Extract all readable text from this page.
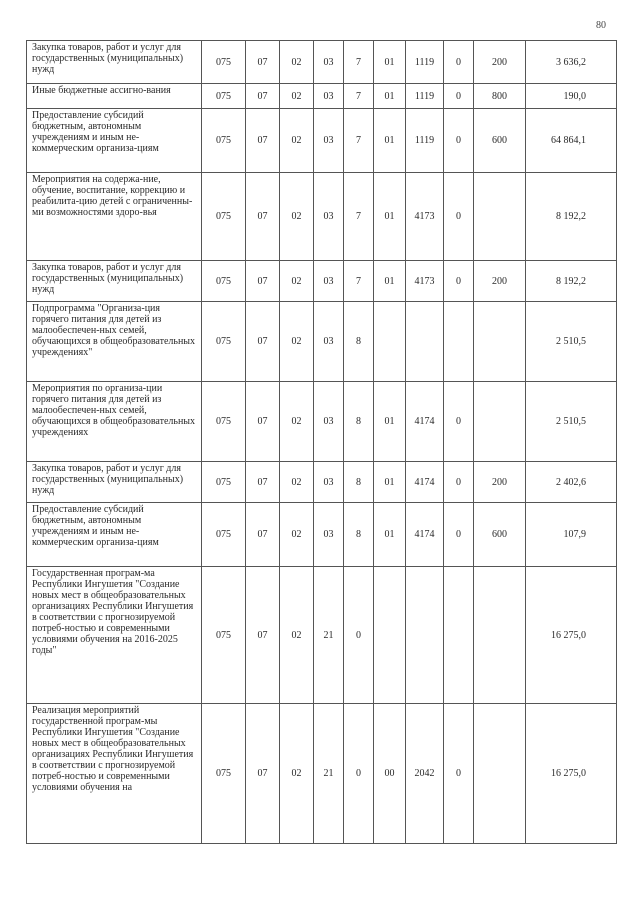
80
Закупка товаров, работ и услуг для государственных (муниципальных) нужд	075	07	02	03	7	01	1119	0	200	3 636,2
Иные бюджетные ассигно-вания	075	07	02	03	7	01	1119	0	800	190,0
Предоставление субсидий бюджетным, автономным учреждениям и иным не-коммерческим организа-циям	075	07	02	03	7	01	1119	0	600	64 864,1
Мероприятия на содержа-ние, обучение, воспитание, коррекцию и реабилита-цию детей с ограниченны-ми возможностями здоро-вья	075	07	02	03	7	01	4173	0		8 192,2
Закупка товаров, работ и услуг для государственных (муниципальных) нужд	075	07	02	03	7	01	4173	0	200	8 192,2
Подпрограмма "Организа-ция горячего питания для детей из малообеспечен-ных семей, обучающихся в общеобразовательных учреждениях"	075	07	02	03	8					2 510,5
Мероприятия по организа-ции горячего питания для детей из малообеспечен-ных семей, обучающихся в общеобразовательных учреждениях	075	07	02	03	8	01	4174	0		2 510,5
Закупка товаров, работ и услуг для государственных (муниципальных) нужд	075	07	02	03	8	01	4174	0	200	2 402,6
Предоставление субсидий бюджетным, автономным учреждениям и иным не-коммерческим организа-циям	075	07	02	03	8	01	4174	0	600	107,9
Государственная програм-ма Республики Ингушетия "Создание новых мест в общеобразовательных организациях Республики Ингушетия в соответствии с прогнозируемой потреб-ностью и современными условиями обучения на 2016-2025 годы"	075	07	02	21	0					16 275,0
Реализация мероприятий государственной програм-мы Республики Ингушетия "Создание новых мест в общеобразовательных организациях Республики Ингушетия в соответствии с прогнозируемой потреб-ностью и современными условиями обучения на	075	07	02	21	0	00	2042	0		16 275,0
